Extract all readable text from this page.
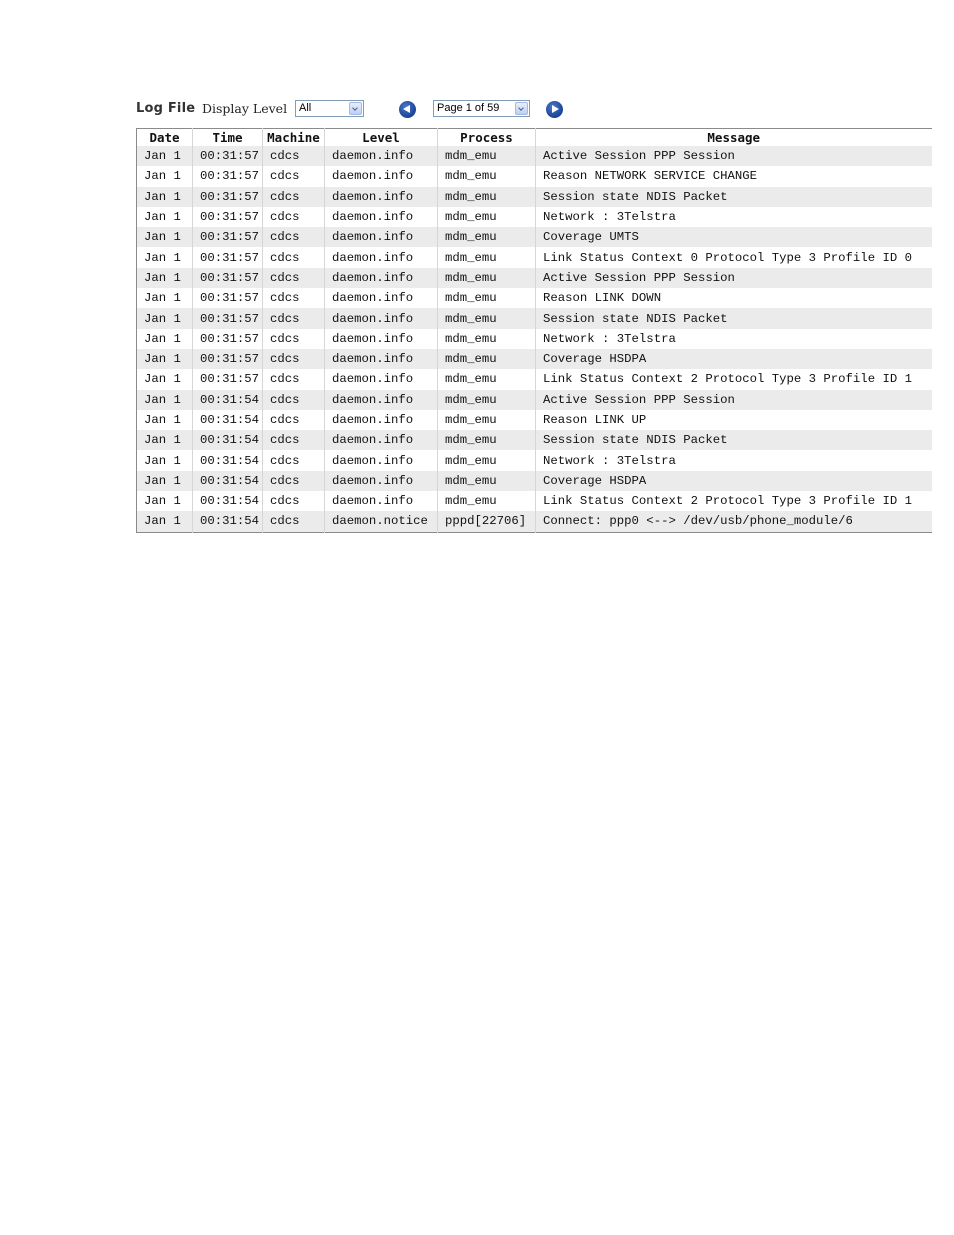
Log File Display Level All	Page 1 of 59
Date	Time	Machine	Level	Process	Message
Jan 1	00:31:57	cdcs	daemon.info	mdm_emu	Active Session PPP Session
Jan 1	00:31:57	cdcs	daemon.info	mdm_emu	Reason NETWORK SERVICE CHANGE
Jan 1	00:31:57	cdcs	daemon.info	mdm_emu	Session state NDIS Packet
Jan 1	00:31:57	cdcs	daemon.info	mdm_emu	Network : 3Telstra
Jan 1	00:31:57	cdcs	daemon.info	mdm_emu	Coverage UMTS
Jan 1	00:31:57	cdcs	daemon.info	mdm_emu	Link Status Context 0 Protocol Type 3 Profile ID 0
Jan 1	00:31:57	cdcs	daemon.info	mdm_emu	Active Session PPP Session
Jan 1	00:31:57	cdcs	daemon.info	mdm_emu	Reason LINK DOWN
Jan 1	00:31:57	cdcs	daemon.info	mdm_emu	Session state NDIS Packet
Jan 1	00:31:57	cdcs	daemon.info	mdm_emu	Network : 3Telstra
Jan 1	00:31:57	cdcs	daemon.info	mdm_emu	Coverage HSDPA
Jan 1	00:31:57	cdcs	daemon.info	mdm_emu	Link Status Context 2 Protocol Type 3 Profile ID 1
Jan 1	00:31:54	cdcs	daemon.info	mdm_emu	Active Session PPP Session
Jan 1	00:31:54	cdcs	daemon.info	mdm_emu	Reason LINK UP
Jan 1	00:31:54	cdcs	daemon.info	mdm_emu	Session state NDIS Packet
Jan 1	00:31:54	cdcs	daemon.info	mdm_emu	Network : 3Telstra
Jan 1	00:31:54	cdcs	daemon.info	mdm_emu	Coverage HSDPA
Jan 1	00:31:54	cdcs	daemon.info	mdm_emu	Link Status Context 2 Protocol Type 3 Profile ID 1
Jan 1	00:31:54	cdcs	daemon.notice	pppd[22706]	Connect: ppp0 <--> /dev/usb/phone_module/6
